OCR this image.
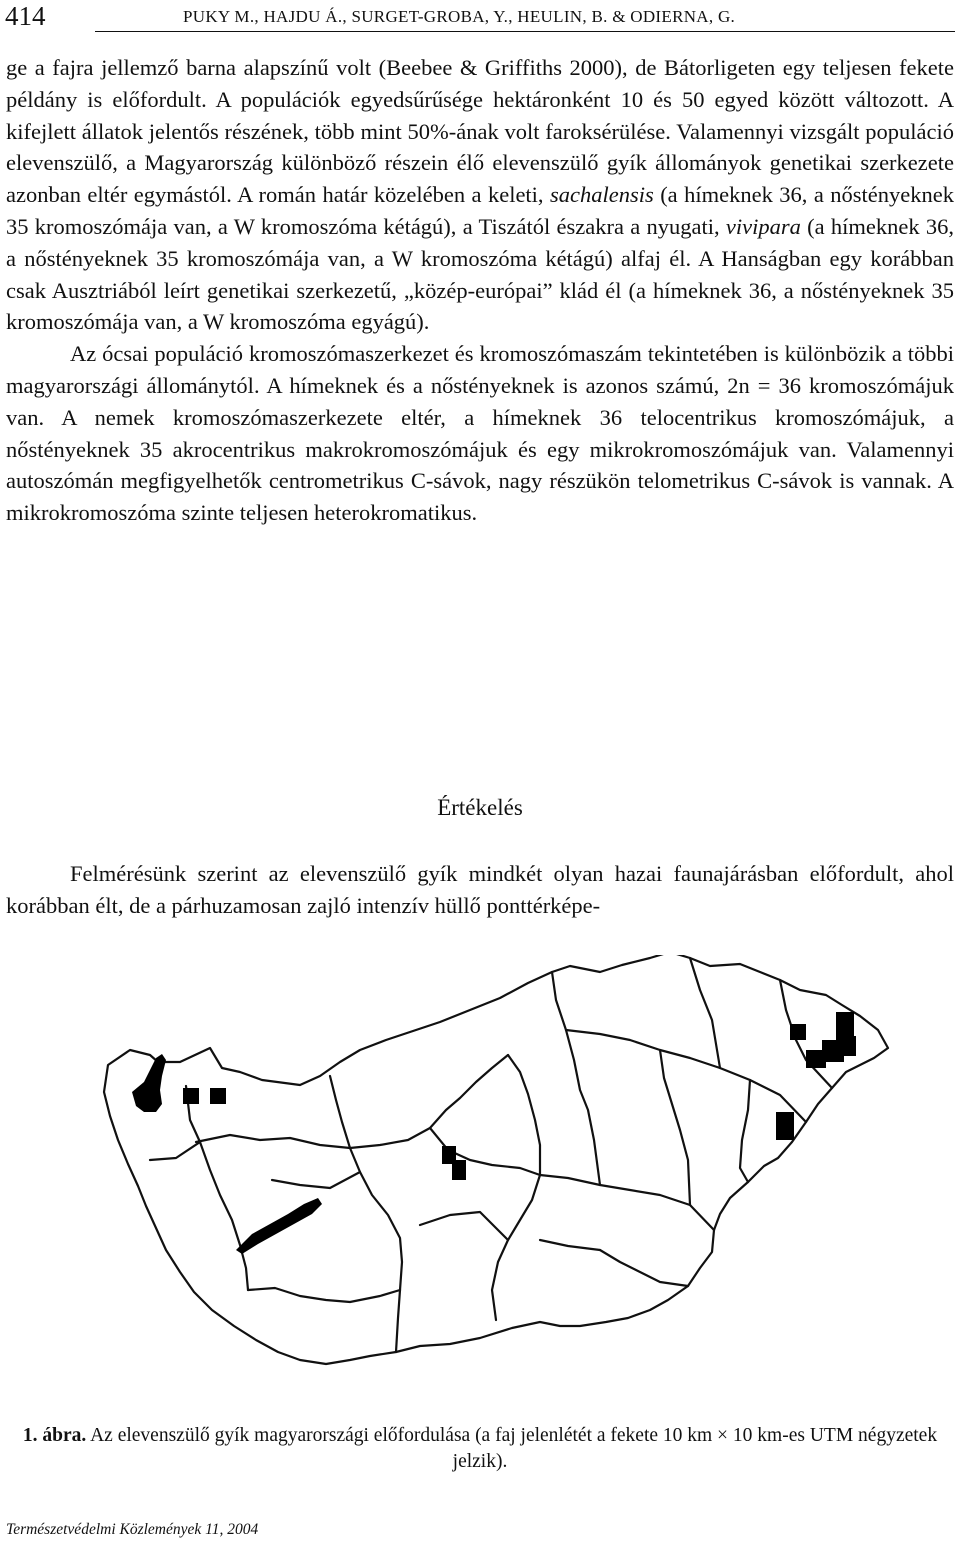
414	PUKY M., HAJDU Á., SURGET-GROBA, Y., HEULIN, B. & ODIERNA, G.

ge a fajra jellemző barna alapszínű volt (Beebee & Griffiths 2000), de Bátorligeten egy teljesen fekete példány is előfordult. A populációk egyedsűrűsége hektáronként 10 és 50 egyed között változott. A kifejlett állatok jelentős részének, több mint 50%-ának volt faroksérülése. Valamennyi vizsgált populáció elevenszülő, a Magyarország különböző részein élő elevenszülő gyík állományok genetikai szerkezete azonban eltér egymástól. A román határ közelében a keleti, sachalensis (a hímeknek 36, a nőstényeknek 35 kromoszómája van, a W kromoszóma kétágú), a Tiszától északra a nyugati, vivipara (a hímeknek 36, a nőstényeknek 35 kromoszómája van, a W kromoszóma kétágú) alfaj él. A Hanságban egy korábban csak Ausztriából leírt genetikai szerkezetű, „közép-európai” klád él (a hímeknek 36, a nőstényeknek 35 kromoszómája van, a W kromoszóma egyágú).

Az ócsai populáció kromoszómaszerkezet és kromoszómaszám tekintetében is különbözik a többi magyarországi állománytól. A hímeknek és a nőstényeknek is azonos számú, 2n = 36 kromoszómájuk van. A nemek kromoszómaszerkezete eltér, a hímeknek 36 telocentrikus kromoszómájuk, a nőstényeknek 35 akrocentrikus makrokromoszómájuk és egy mikrokromoszómájuk van. Valamennyi autoszómán megfigyelhetők centrometrikus C-sávok, nagy részükön telometrikus C-sávok is vannak. A mikrokromoszóma szinte teljesen heterokromatikus.

Értékelés

Felmérésünk szerint az elevenszülő gyík mindkét olyan hazai faunajárásban előfordult, ahol korábban élt, de a párhuzamosan zajló intenzív hüllő ponttérképe-

1. ábra. Az elevenszülő gyík magyarországi előfordulása (a faj jelenlétét a fekete 10 km × 10 km-es UTM négyzetek jelzik).
Természetvédelmi Közlemények 11, 2004
